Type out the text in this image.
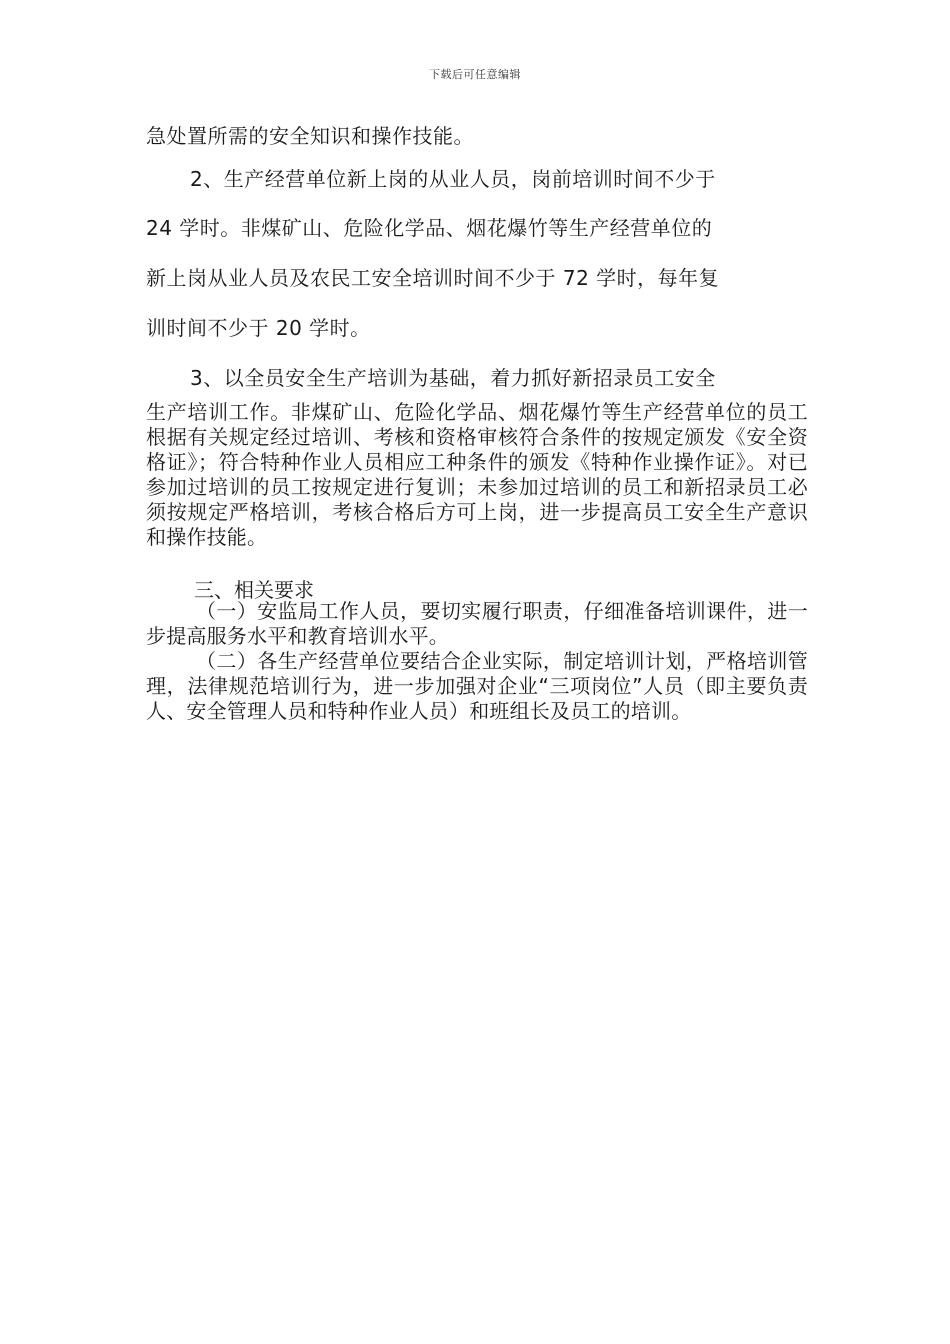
下载后可任意编辑
急处置所需的安全知识和操作技能。
2、生产经营单位新上岗的从业人员，岗前培训时间不少于
24 学时。非煤矿山、危险化学品、烟花爆竹等生产经营单位的
新上岗从业人员及农民工安全培训时间不少于 72 学时，每年复
训时间不少于 20 学时。
3、以全员安全生产培训为基础，着力抓好新招录员工安全
生产培训工作。非煤矿山、危险化学品、烟花爆竹等生产经营单位的员工根据有关规定经过培训、考核和资格审核符合条件的按规定颁发《安全资格证》；符合特种作业人员相应工种条件的颁发《特种作业操作证》。对已参加过培训的员工按规定进行复训；未参加过培训的员工和新招录员工必须按规定严格培训，考核合格后方可上岗，进一步提高员工安全生产意识和操作技能。
三、相关要求
（一）安监局工作人员，要切实履行职责，仔细准备培训课件，进一步提高服务水平和教育培训水平。
（二）各生产经营单位要结合企业实际，制定培训计划，严格培训管理，法律规范培训行为，进一步加强对企业“三项岗位”人员（即主要负责人、安全管理人员和特种作业人员）和班组长及员工的培训。
